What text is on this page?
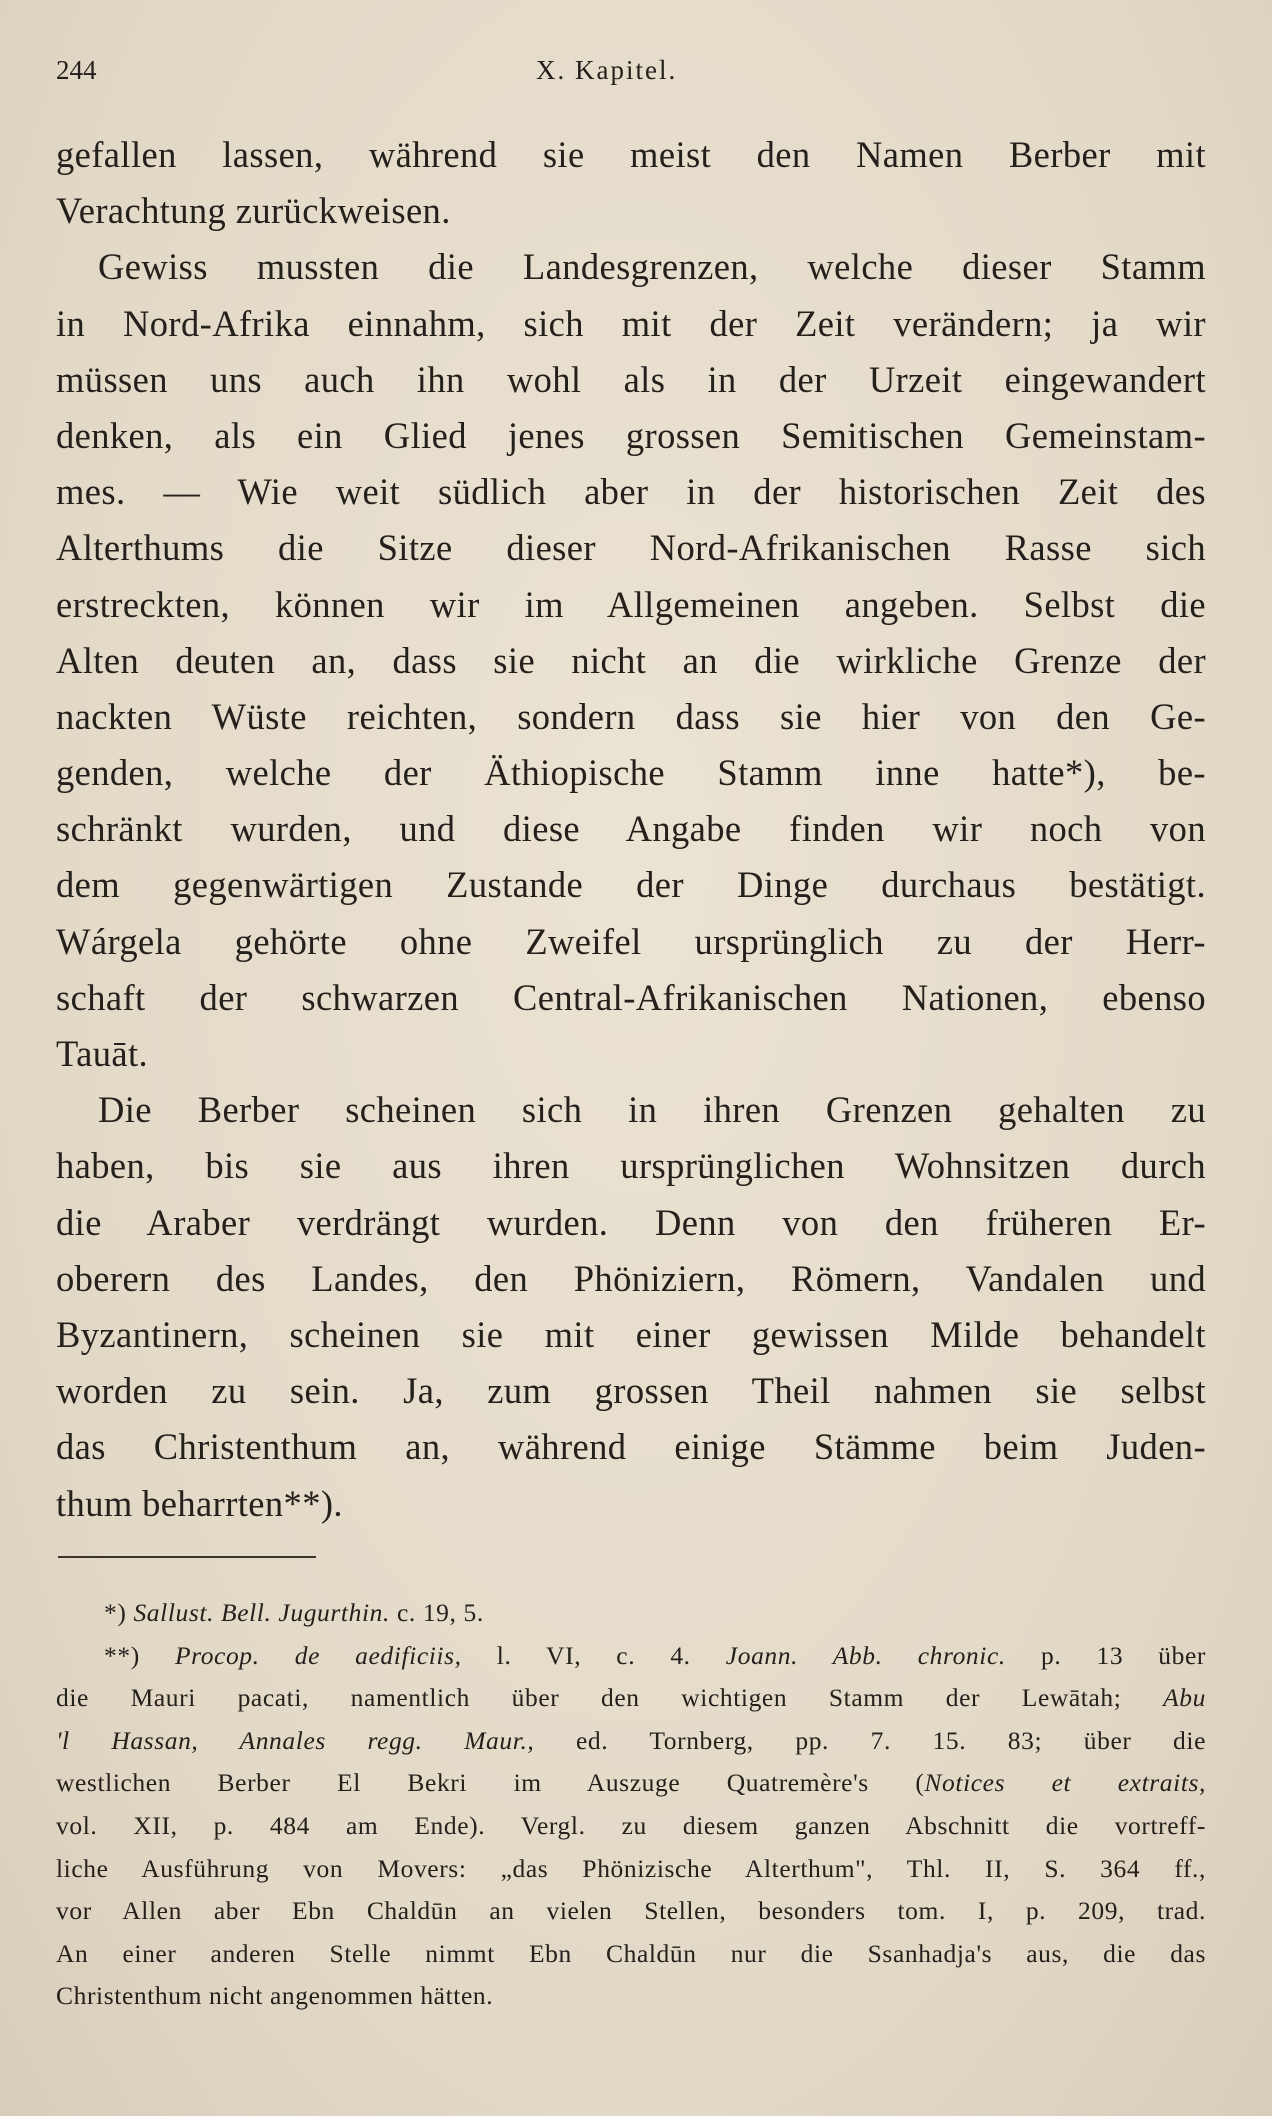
244	X. Kapitel.
gefallen lassen, während sie meist den Namen Berber mit
Verachtung zurückweisen.
Gewiss mussten die Landesgrenzen, welche dieser Stamm
in Nord-Afrika einnahm, sich mit der Zeit verändern; ja wir
müssen uns auch ihn wohl als in der Urzeit eingewandert
denken, als ein Glied jenes grossen Semitischen Gemeinstam-
mes. — Wie weit südlich aber in der historischen Zeit des
Alterthums die Sitze dieser Nord-Afrikanischen Rasse sich
erstreckten, können wir im Allgemeinen angeben. Selbst die
Alten deuten an, dass sie nicht an die wirkliche Grenze der
nackten Wüste reichten, sondern dass sie hier von den Ge-
genden, welche der Äthiopische Stamm inne hatte*), be-
schränkt wurden, und diese Angabe finden wir noch von
dem gegenwärtigen Zustande der Dinge durchaus bestätigt.
Wárgela gehörte ohne Zweifel ursprünglich zu der Herr-
schaft der schwarzen Central-Afrikanischen Nationen, ebenso
Tauāt.
Die Berber scheinen sich in ihren Grenzen gehalten zu
haben, bis sie aus ihren ursprünglichen Wohnsitzen durch
die Araber verdrängt wurden. Denn von den früheren Er-
oberern des Landes, den Phöniziern, Römern, Vandalen und
Byzantinern, scheinen sie mit einer gewissen Milde behandelt
worden zu sein. Ja, zum grossen Theil nahmen sie selbst
das Christenthum an, während einige Stämme beim Juden-
thum beharrten**).
*) Sallust. Bell. Jugurthin. c. 19, 5.
**) Procop. de aedificiis, l. VI, c. 4. Joann. Abb. chronic. p. 13 über
die Mauri pacati, namentlich über den wichtigen Stamm der Lewātah; Abu
'l Hassan, Annales regg. Maur., ed. Tornberg, pp. 7. 15. 83; über die
westlichen Berber El Bekri im Auszuge Quatremère's (Notices et extraits,
vol. XII, p. 484 am Ende). Vergl. zu diesem ganzen Abschnitt die vortreff-
liche Ausführung von Movers: „das Phönizische Alterthum", Thl. II, S. 364 ff.,
vor Allen aber Ebn Chaldūn an vielen Stellen, besonders tom. I, p. 209, trad.
An einer anderen Stelle nimmt Ebn Chaldūn nur die Ssanhadja's aus, die das
Christenthum nicht angenommen hätten.
